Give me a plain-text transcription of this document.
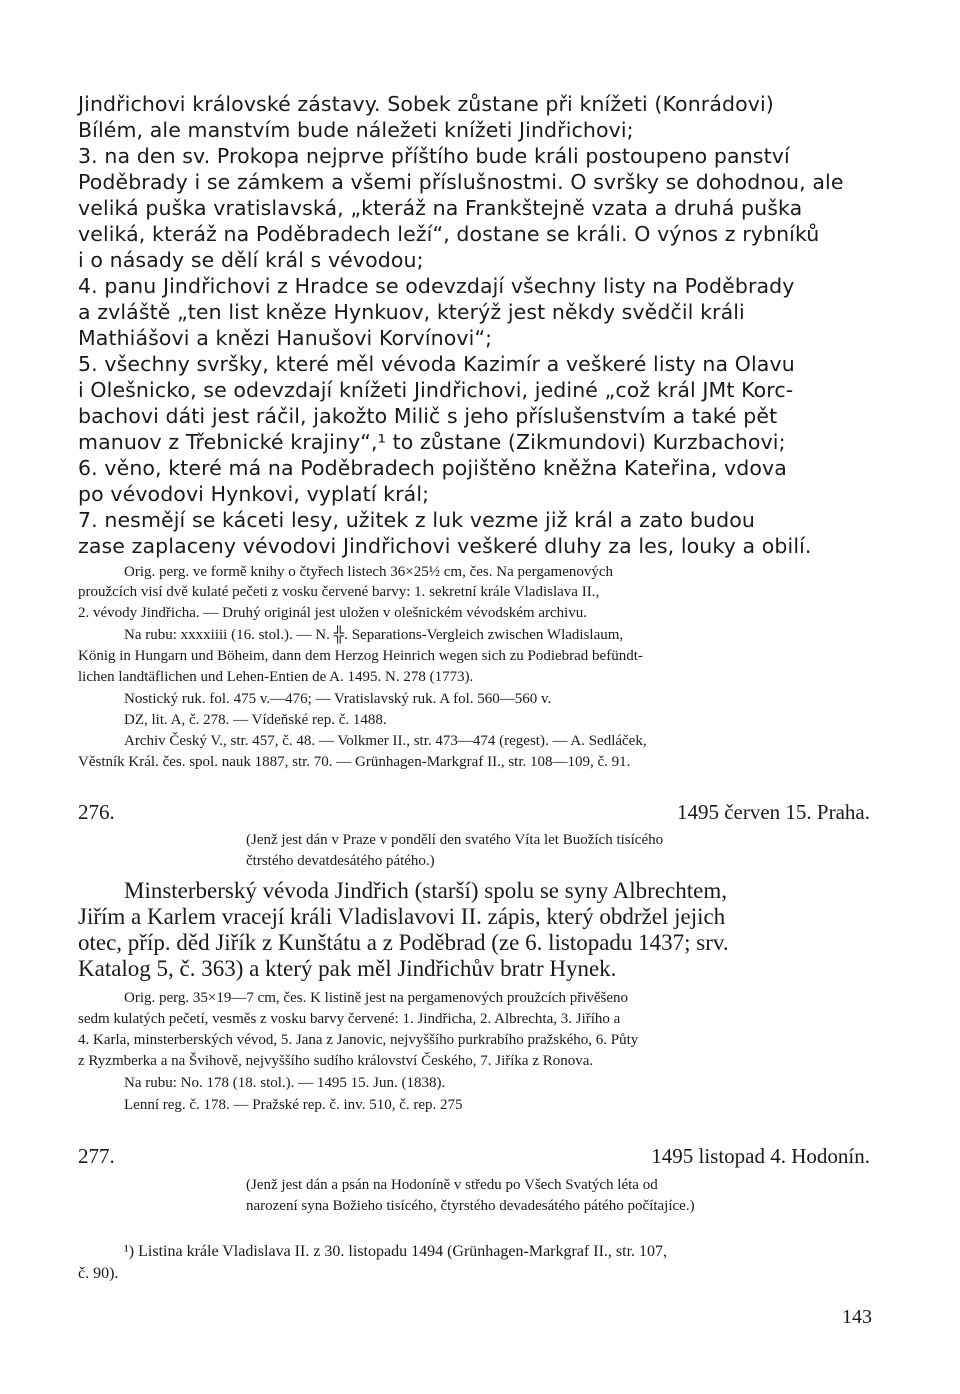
Jindřichovi královské zástavy. Sobek zůstane při knížeti (Konrádovi)

Bílém, ale manstvím bude náležeti knížeti Jindřichovi;

3. na den sv. Prokopa nejprve příštího bude králi postoupeno panství

Poděbrady i se zámkem a všemi příslušnostmi. O svršky se dohodnou, ale

veliká puška vratislavská, „kteráž na Frankštejně vzata a druhá puška

veliká, kteráž na Poděbradech leží“, dostane se králi. O výnos z rybníků

i o násady se dělí král s vévodou;

4. panu Jindřichovi z Hradce se odevzdají všechny listy na Poděbrady

a zvláště „ten list kněze Hynkuov, kterýž jest někdy svědčil králi

Mathiášovi a knězi Hanušovi Korvínovi“;

5. všechny svršky, které měl vévoda Kazimír a veškeré listy na Olavu

i Olešnicko, se odevzdají knížeti Jindřichovi, jediné „což král JMt Korc-

bachovi dáti jest ráčil, jakožto Milič s jeho příslušenstvím a také pět

manuov z Třebnické krajiny“,¹ to zůstane (Zikmundovi) Kurzbachovi;

6. věno, které má na Poděbradech pojištěno kněžna Kateřina, vdova

po vévodovi Hynkovi, vyplatí král;

7. nesmějí se káceti lesy, užitek z luk vezme již král a zato budou

zase zaplaceny vévodovi Jindřichovi veškeré dluhy za les, louky a obilí.

Orig. perg. ve formě knihy o čtyřech listech 36×25½ cm, čes. Na pergamenových

proužcích visí dvě kulaté pečeti z vosku červené barvy: 1. sekretní krále Vladislava II.,

2. vévody Jindřicha. — Druhý originál jest uložen v olešnickém vévodském archivu.

Na rubu: xxxxiiii (16. stol.). — N. ╬. Separations-Vergleich zwischen Wladislaum,

König in Hungarn und Böheim, dann dem Herzog Heinrich wegen sich zu Podiebrad befündt-

lichen landtäflichen und Lehen-Entien de A. 1495. N. 278 (1773).

Nostický ruk. fol. 475 v.—476; — Vratislavský ruk. A fol. 560—560 v.

DZ, lit. A, č. 278. — Vídeňské rep. č. 1488.

Archiv Český V., str. 457, č. 48. — Volkmer II., str. 473—474 (regest). — A. Sedláček,

Věstník Král. čes. spol. nauk 1887, str. 70. — Grünhagen-Markgraf II., str. 108—109, č. 91.

276.	1495 červen 15. Praha.

(Jenž jest dán v Praze v pondělí den svatého Víta let Buožích tisícého

čtrstého devatdesátého pátého.)

Minsterberský vévoda Jindřich (starší) spolu se syny Albrechtem,

Jiřím a Karlem vracejí králi Vladislavovi II. zápis, který obdržel jejich

otec, příp. děd Jiřík z Kunštátu a z Poděbrad (ze 6. listopadu 1437; srv.

Katalog 5, č. 363) a který pak měl Jindřichův bratr Hynek.

Orig. perg. 35×19—7 cm, čes. K listině jest na pergamenových proužcích přivěšeno

sedm kulatých pečetí, vesměs z vosku barvy červené: 1. Jindřicha, 2. Albrechta, 3. Jiřího a

4. Karla, minsterberských vévod, 5. Jana z Janovic, nejvyššího purkrabího pražského, 6. Půty

z Ryzmberka a na Švihově, nejvyššího sudího království Českého, 7. Jiříka z Ronova.

Na rubu: No. 178 (18. stol.). — 1495 15. Jun. (1838).

Lenní reg. č. 178. — Pražské rep. č. inv. 510, č. rep. 275

277.	1495 listopad 4. Hodonín.

(Jenž jest dán a psán na Hodoníně v středu po Všech Svatých léta od

narození syna Božieho tisícého, čtyrstého devadesátého pátého počítajíce.)

¹) Listina krále Vladislava II. z 30. listopadu 1494 (Grünhagen-Markgraf II., str. 107,

č. 90).

143
